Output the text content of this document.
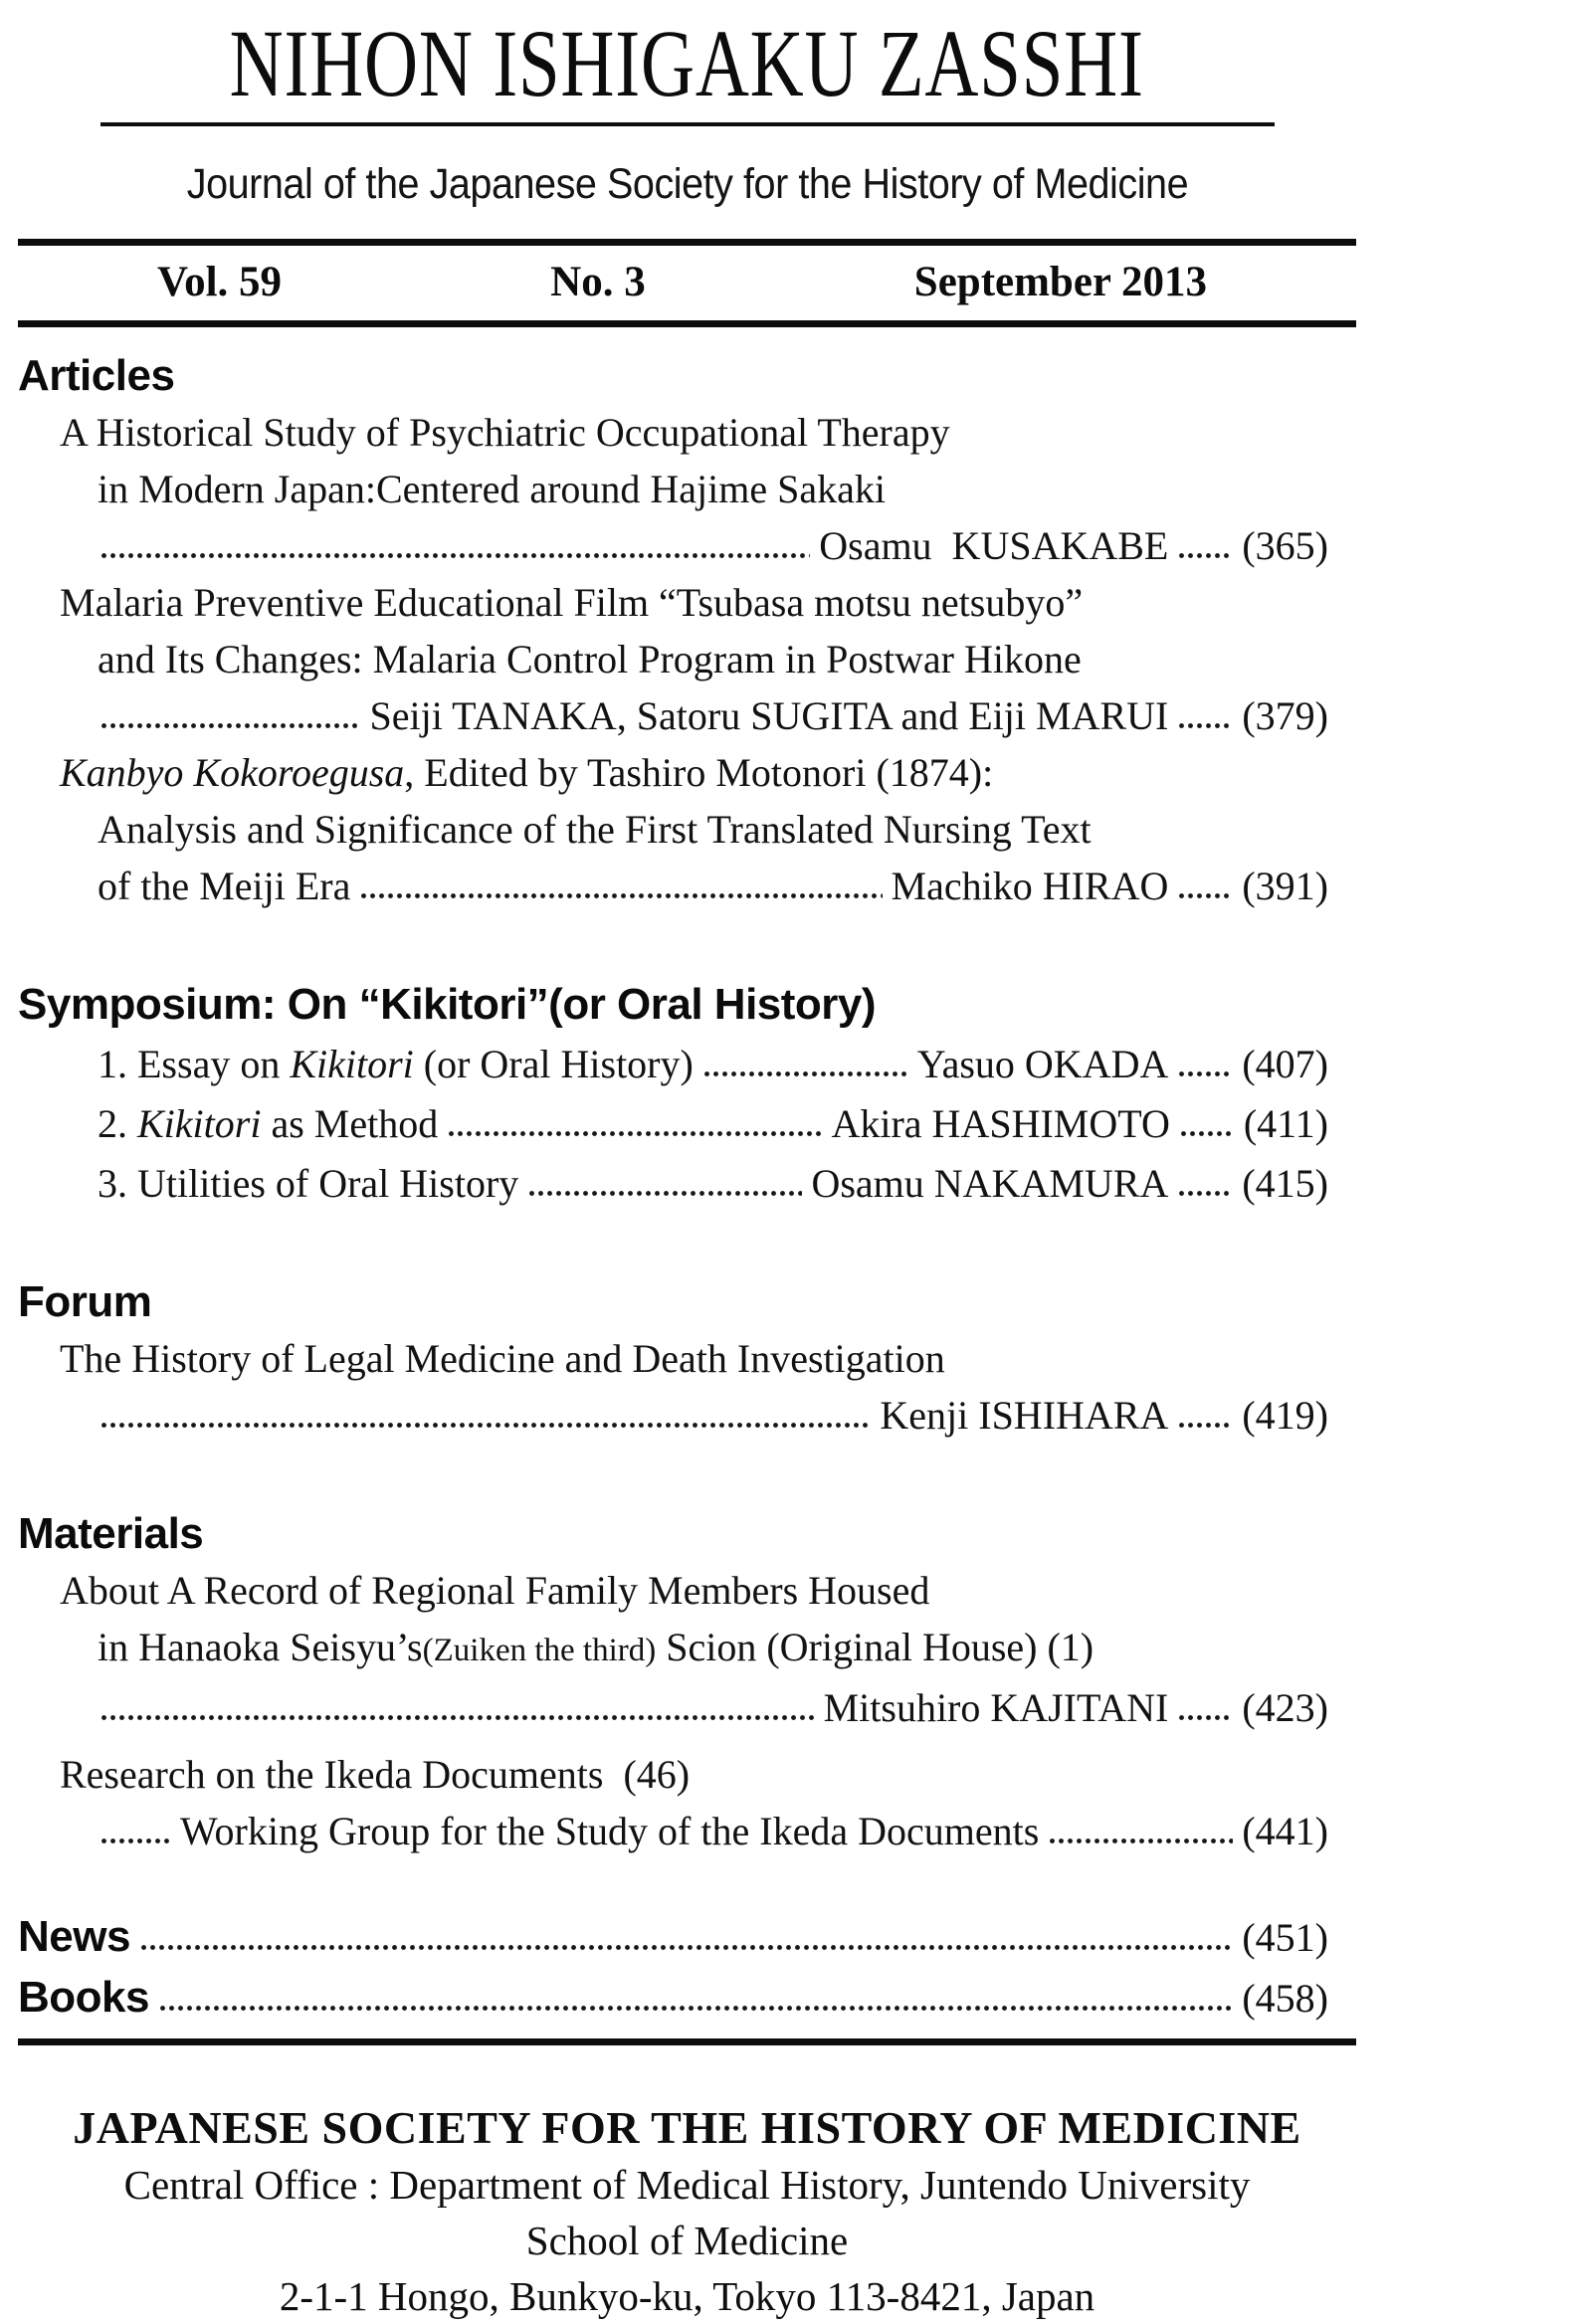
NIHON ISHIGAKU ZASSHI

Journal of the Japanese Society for the History of Medicine
Vol. 59	No. 3	September 2013
Articles
A Historical Study of Psychiatric Occupational Therapy
in Modern Japan:Centered around Hajime Sakaki
Osamu  KUSAKABE (365)
Malaria Preventive Educational Film “Tsubasa motsu netsubyo”
and Its Changes: Malaria Control Program in Postwar Hikone
Seiji TANAKA, Satoru SUGITA and Eiji MARUI (379)
Kanbyo Kokoroegusa, Edited by Tashiro Motonori (1874):
Analysis and Significance of the First Translated Nursing Text
of the Meiji Era	Machiko HIRAO (391)
Symposium: On “Kikitori”(or Oral History)
1. Essay on Kikitori (or Oral History)	Yasuo OKADA (407)
2. Kikitori as Method	Akira HASHIMOTO (411)
3. Utilities of Oral History	Osamu NAKAMURA (415)
Forum
The History of Legal Medicine and Death Investigation
Kenji ISHIHARA (419)
Materials
About A Record of Regional Family Members Housed
in Hanaoka Seisyu’s(Zuiken the third) Scion (Original House) (1)
Mitsuhiro KAJITANI (423)
Research on the Ikeda Documents  (46)
Working Group for the Study of the Ikeda Documents	(441)
News	(451)
Books	(458)
JAPANESE SOCIETY FOR THE HISTORY OF MEDICINE
Central Office : Department of Medical History, Juntendo University
School of Medicine
2-1-1 Hongo, Bunkyo-ku, Tokyo 113-8421, Japan
